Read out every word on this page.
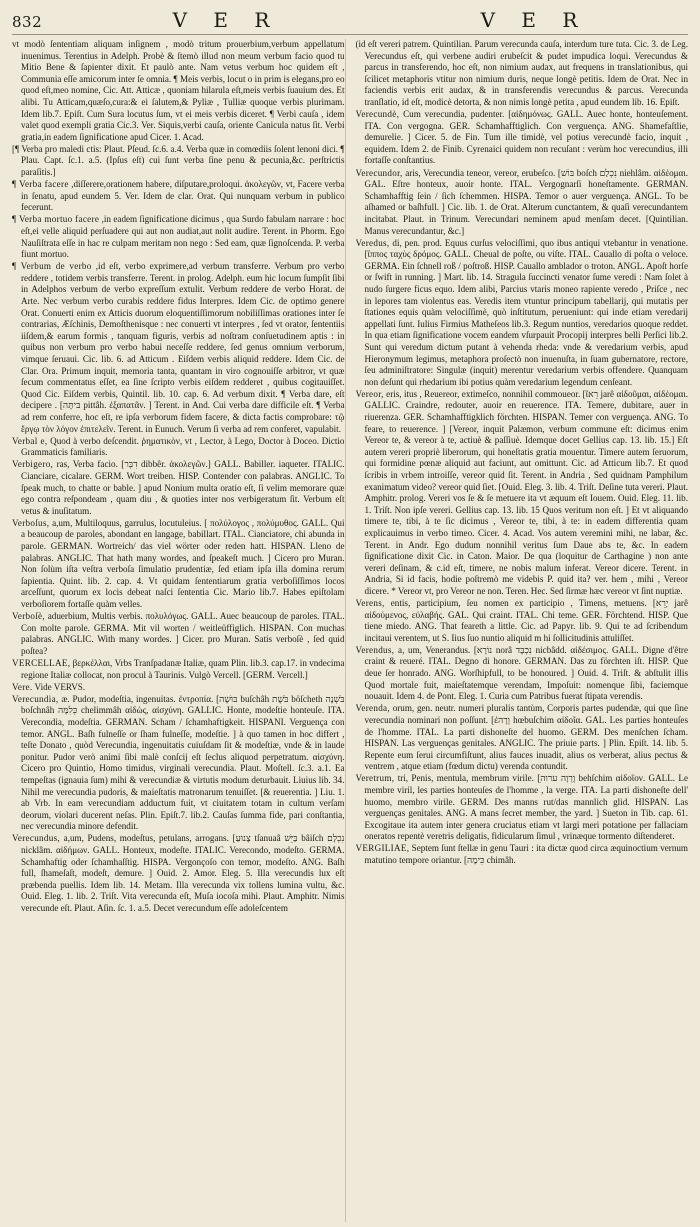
832	V E R	V E R

vt modò ſententiam aliquam inſignem , modò tritum prouerbium,verbum appellatum inuenimus. Terentius in Adelph. Probè & ſtemò illud non meum verbum facio quod tu Mitio Bene & ſapienter dixit. Et paulò ante. Nam vetus verbum hoc quidem eſt , Communia eſſe amicorum inter ſe omnia. ¶ Meis verbis, locut o in prim is elegans,pro eo quod eſt,meo nomine, Cic. Att. Atticæ , quoniam hilarula eſt,meis verbis ſuauium des. Et alibi. Tu Atticam,quæſo,cura:& ei ſalutem,& Pyliæ , Tulliæ quoque verbis plurimam. Idem lib.7. Epiſt. Cum Sura locutus ſum, vt ei meis verbis diceret. ¶ Verbi cauſa , idem valet quod exempli gratia Cic.3. Ver. Siquis,verbi cauſa, oriente Canicula natus ſit. Verbi gratia,in eadem ſignificatione apud Cicer. 1. Acad.

[¶ Verba pro maledi ctis: Plaut. Pſeud. ſc.6. a.4. Verba quæ in comœdiis ſolent lenoni dici. ¶ Plau. Capt. ſc.1. a.5. (Ipſus eſt) cui ſunt verba ſine penu & pecunia,&c. perſtrictis paraſitis.]

¶ Verba facere ,diſſerere,orationem habere, diſputare,proloqui. ἀκολεγῶν, vt, Facere verba in ſenatu, apud eundem 5. Ver. Idem de clar. Orat. Qui nunquam verbum in publico fecerunt.

¶ Verba mortuo facere ,in eadem ſignificatione dicimus , qua Surdo fabulam narrare : hoc eſt,ei velle aliquid perſuadere qui aut non audiat,aut nolit audire. Terent. in Phorm. Ego Nauſiſtrata eſſe in hac re culpam meritam non nego : Sed eam, quæ ſignoſcenda. P. verba fiunt mortuo.

¶ Verbum de verbo ,id eſt, verbo exprimere,ad verbum transferre. Verbum pro verbo reddere , totidem verbis transferre. Terent. in prolog. Adelph. eum hic locum ſumpſit ſibi in Adelphos verbum de verbo expreſſum extulit. Verbum reddere de verbo Horat. de Arte. Nec verbum verbo curabis reddere fidus Interpres. Idem Cic. de optimo genere Orat. Conuerti enim ex Atticis duorum eloquentiſſimorum nobiliſſimas orationes inter ſe contrarias, Æſchinis, Demoſthenisque : nec conuerti vt interpres , ſed vt orator, ſententiis iiſdem,& earum formis , tanquam figuris, verbis ad noſtram conſuetudinem aptis : in quibus non verbum pro verbo habui neceſſe reddere, ſed genus omnium verborum, vimque ſeruaui. Cic. lib. 6. ad Atticum . Eiſdem verbis aliquid reddere. Idem Cic. de Clar. Ora. Primum inquit, memoria tanta, quantam in viro cognouiſſe arbitror, vt quæ ſecum commentatus eſſet, ea ſine ſcripto verbis eiſdem redderet , quibus cogitauiſſet. Quod Cic. Eiſdem verbis, Quintil. lib. 10. cap. 6. Ad verbum dixit. ¶ Verba dare, eſt decipere . [בּיתָּה pittâh. ἐξαπατᾶν. ] Terent. in And. Cui verba dare difficile eſt. ¶ Verba ad rem conferre, hoc eſt, re ipſa verborum fidem facere, & dicta factis comprobare: τῷ ἔργῳ τὸν λόγον ἐπιτελεῖν. Terent. in Eunuch. Verum ſi verba ad rem conferet, vapulabit.

Verbal e, Quod à verbo deſcendit. ῥηματικὸν, vt , Lector, à Lego, Doctor à Doceo. Dictio Grammaticis familiaris.

Verbigero, ras, Verba facio. [דִבְּר dibbêr. ἀκολεγῶν.] GALL. Babiller. iaqueter. ITALIC. Cianciare, cicalare. GERM. Wort treiben. HISP. Contender con palabras. ANGLIC. To ſpeak much, to chatte or bable. ] apud Nonium multa oratio eſt, ſi velim memorare quæ ego contra reſpondeam , quam diu , & quoties inter nos verbigeratum ſit. Verbum eſt vetus & inuſitatum.

Verboſus, a,um, Multiloquus, garrulus, locutuleius. [ πολύλογος , πολύμυθος. GALL. Qui a beaucoup de paroles, abondant en langage, babillart. ITAL. Cianciatore, chi abunda in parole. GERMAN. Wortreich/ das viel wörter oder reden hatt. HISPAN. Lleno de palabras. ANGLIC. That hath many wordes, and ſpeakeſt much. ] Cicero pro Muran. Non ſolùm iſta veſtra verboſa ſimulatio prudentiæ, ſed etiam ipſa illa domina rerum ſapientia. Quint. lib. 2. cap. 4. Vt quidam ſententiarum gratia verboſiſſimos locos arceſſunt, quorum ex locis debeat naſci ſententia Cic. Mario lib.7. Habes epiſtolam verboſiorem fortaſſe quàm velles.

Verboſè, aduerbium, Multis verbis. πολυλόγως. GALL. Auec beaucoup de paroles. ITAL. Con molte parole. GERMA. Mit vil worten / weitleüffiglich. HISPAN. Con muchas palabras. ANGLIC. With many wordes. ] Cicer. pro Muran. Satis verboſè , ſed quid poſtea?

VERCELLAE, βερκέλλαι, Vrbs Tranſpadanæ Italiæ, quam Plin. lib.3. cap.17. in vndecima regione Italiæ collocat, non procul à Taurinis. Vulgò Vercell. [GERM. Vercell.]

Vere. Vide VERVS.

Verecundia, æ. Pudor, modeſtia, ingenuitas. ἐντροπία. [בּוּשָׁה buſchâh בֹּשֶׁת böſcheth בֹּשְׁנָה boſchnâh כְּלִמָּה chelimmâh αἰδὼς, αἰσχύνη. GALLIC. Honte, modeſtie honteuſe. ITA. Verecondia, modeſtia. GERMAN. Scham / ſchamhaftigkeit. HISPANI. Verguença con temor. ANGL. Baſh fulneſſe or ſham fulneſſe, modeſtie. ] à quo tamen in hoc differt , teſte Donato , quòd Verecundia, ingenuitatis cuiuſdam ſit & modeſtiæ, vnde & in laude ponitur. Pudor verò animi ſibi malè conſcij eſt ſeclus aliquod perpetratum. αἰσχύνη. Cicero pro Quintio, Homo timidus, virginali verecundia. Plaut. Moſtell. ſc.3. a.1. Ea tempeſtas (ignauia ſum) mihi & verecundiæ & virtutis modum deturbauit. Liuius lib. 34. Nihil me verecundia pudoris, & maieſtatis matronarum tenuiſſet. [& reuerentia. ] Liu. 1. ab Vrb. In eam verecundiam adductum fuit, vt ciuitatem totam in cultum verſam deorum, violari ducerent neſas. Plin. Epiſt.7. lib.2. Cauſas ſumma fide, pari conſtantia, nec verecundia minore defendit.

Verecundus, a,um, Pudens, modeſtus, petulans, arrogans. [צָנוּעַ tſanuaâ בַּיֵּשׁ bâiſch נִכְלָם nicklâm. αἰδήμων. GALL. Honteux, modeſte. ITALIC. Verecondo, modeſto. GERMA. Schamhaftig oder ſchamhaſſtig. HISPA. Vergonçoſo con temor, modeſto. ANG. Baſh full, ſhameſaſt, modeſt, demure. ] Ouid. 2. Amor. Eleg. 5. Illa verecundis lux eſt præbenda puellis. Idem lib. 14. Metam. Illa verecunda vix tollens lumina vultu, &c. Ouid. Eleg. 1. lib. 2. Triſt. Vita verecunda eſt, Muſa iocoſa mihi. Plaut. Amphitr. Nimis verecunde eſt. Plaut. Aſin. ſc. 1. a.5. Decet verecundum eſſe adoleſcentem

(id eſt vereri patrem. Quintilian. Parum verecunda cauſa, interdum ture tuta. Cic. 3. de Leg. Verecundus eſt, qui verbene audiri erubeſcit & pudet impudica loqui. Verecundus & parcus in transferendo, hoc eſt, non nimium audax, aut frequens in translationibus, qui ſcilicet metaphoris vtitur non nimium duris, neque longè petitis. Idem de Orat. Nec in faciendis verbis erit audax, & in transferendis verecundus & parcus. Verecunda tranſlatio, id eſt, modicè detorta, & non nimis longè petita , apud eundem lib. 16. Epiſt.

Verecundè, Cum verecundia, pudenter. [αἰδημόνως. GALL. Auec honte, honteuſement. ITA. Con vergogna. GER. Schamhafftiglich. Con verguença. ANG. Shamefaſtlie, demurelie. ] Cicer. 5. de Fin. Tum ille timidè, vel potius verecundè facio, inquit , equidem. Idem 2. de Finib. Cyrenaici quidem non recuſant : verùm hoc verecundius, illi fortaſſe conſtantius.

Verecundor, aris, Verecundia teneor, vereor, erubeſco. [בּוֹשׁ boſch נִכְלַם niehlâm. αἰδέομαι. GAL. Eſtre honteux, auoir honte. ITAL. Vergognarſi honeſtamente. GERMAN. Schamhafftig ſein / ſich ſchemmen. HISPA. Temor o auer verguença. ANGL. To be aſhamed or baſhfull. ] Cic. lib. 1. de Orat. Alterum cunctantem, & quaſi verecundantem incitabat. Plaut. in Trinum. Verecundari neminem apud menſam decet. [Quintilian. Manus verecundantur, &c.]

Veredus, di, pen. prod. Equus curſus velociſſimi, quo ibus antiqui vtebantur in venatione. [ἵππος ταχὺς δρόμος. GALL. Cheual de poſte, ou viſte. ITAL. Cauallo di poſta o veloce. GERMA. Ein ſchnell roß / poſtroß. HISP. Cauallo amblador o troton. ANGL. Apoſt horſe or ſwift in running. ] Mart. lib. 14. Stragula ſuccincti venator ſume veredi : Nam ſolet à nudo ſurgere ficus equo. Idem alibi, Parcius vtaris moneo rapiente veredo , Priſce , nec in lepores tam violentus eas. Veredis item vtuntur principum tabellarij, qui mutatis per ſtationes equis quàm velociſſimè, quò inſtitutum, perueniunt: qui inde etiam veredarij appellati ſunt. Iulius Firmius Matheſeos lib.3. Regum nuntios, veredarios quoque reddet. In qua etiam ſignificatione vocem eandem vſurpauit Procopij interpres belli Perſici lib.2. Sunt qui veredum dictum putant à vehenda rheda: vnde & veredarium verbis, apud Hieronymum legimus, metaphora proſectò non inuenuſta, in ſuam gubernatore, rectore, ſeu adminiſtratore: Singulæ (inquit) merentur veredarium verbis offendere. Quanquam non deſunt qui rhedarium ibi potius quàm veredarium legendum cenſeant.

Vereor, eris, itus , Reuereor, extimeſco, nonnihil commoueor. [ἵרֵא jarê αἰδοῦμαι, αἰδέομαι. GALLIC. Craindre, redouter, auoir en reuerence. ITA. Temere, dubitare, auer in riuerenza. GER. Schamhafftigklich förchten. HISPAN. Temer con verguença. ANG. To feare, to reuerence. ] [Vereor, inquit Palæmon, verbum commune eſt: dicimus enim Vereor te, & vereor à te, actiuè & paſſiuè. Idemque docet Gellius cap. 13. lib. 15.] Eſt autem vereri propriè liberorum, qui honeſtatis gratia mouentur. Timere autem ſeruorum, qui formidine pœnæ aliquid aut faciunt, aut omittunt. Cic. ad Atticum lib.7. Et quod ſcribis in vrbem introiſſe, vereor quid ſit. Terent. in Andria , Sed quidnam Pamphilum exanimatum video? vereor quid ſiet. [Ouid. Eleg. 3. lib. 4. Triſt. Deſine tuta vereri. Plaut. Amphitr. prolog. Vereri vos ſe & ſe metuere ita vt æquum eſt Iouem. Ouid. Eleg. 11. lib. 1. Triſt. Non ipſe vereri. Gellius cap. 13. lib. 15 Quos veritum non eſt. ] Et vt aliquando timere te, tibi, à te ſic dicimus , Vereor te, tibi, à te: in eadem differentia quam explicauimus in verbo timeo. Cicer. 4. Acad. Vos autem veremini mihi, ne labar, &c. Terent. in Andr. Ego dudum nonnihil veritus ſum Daue abs te, &c. In eadem ſignificatione dixit Cic. in Caton. Maior. De qua (loquitur de Carthagine ) non ante vereri deſinam, & c.id eſt, timere, ne nobis malum inferat. Vereor dicere. Terent. in Andria, Si id facis, hodie poſtremò me videbis P. quid ita? ver. hem , mihi , Vereor dicere. * Vereor vt, pro Vereor ne non. Teren. Hec. Sed ſirmæ hæc vereor vt ſint nuptiæ.

Verens, entis, participium, ſeu nomen ex participio , Timens, metuens. [יָרֵא jarê αἰδούμενος, εὐλαβής. GAL. Qui craint. ITAL. Chi teme. GER. Förchtend. HISP. Que tiene miedo. ANG. That feareth a little. Cic. ad Papyr. lib. 9. Qui te ad ſcribendum incitaui verentem, ut S. Iius ſuo nuntio aliquid m hi ſollicitudinis attuliſſet.

Verendus, a, um, Venerandus. [נוֹרָא norâ נִכְבָּד nicbâdd. αἰδέσιμος. GALL. Digne d'être craint & reueré. ITAL. Degno di honore. GERMAN. Das zu förchten iſt. HISP. Que deue ſer honrado. ANG. Worſhipfull, to be honoured. ] Ouid. 4. Triſt. & abſtulit illis Quod mortale fuit, maieſtatemque verendam, Impoſuit: nomenque ſibi, faciemque nouauit. Idem 4. de Pont. Eleg. 1. Curia cum Patribus fuerat ſtipata verendis.

Verenda, orum, gen. neutr. numeri pluralis tantùm, Corporis partes pudendæ, qui que ſine verecundia nominari non poſſunt. [ἐוְרָה hœbuſchim αἰδοῖα. GAL. Les parties honteuſes de l'homme. ITAL. La parti dishoneſte del huomo. GERM. Des menſchen ſcham. HISPAN. Las verguenças genitales. ANGLIC. The priuie parts. ] Plin. Epiſt. 14. lib. 5. Repente eum ſerui circumfiſtunt, alius fauces inuadit, alius os verberat, alius pectus & ventrem , atque etiam (fœdum dictu) verenda contundit.

Veretrum, tri, Penis, mentula, membrum virile. [ִוֶרְוָה ערוה behſchim αἰδοῖον. GALL. Le membre viril, les parties honteuſes de l'homme , la verge. ITA. La parti dishoneſte dell' huomo, membro virile. GERM. Des manns rut/das mannlich glid. HISPAN. Las verguenças genitales. ANG. A mans ſecret member, the yard. ] Sueton in Tib. cap. 61. Excogitaue ita autem inter genera cruciatus etiam vt largi meri potatione per fallaciam oneratos repentè veretris deligatis, fidicularum ſimul , vrinæque tormento diſtenderet.

VERGILIAE, Septem ſunt ſtellæ in genu Tauri : ita dictæ quod circa æquinoctium vernum matutino tempore oriantur. [כִּימָה chimâh.
